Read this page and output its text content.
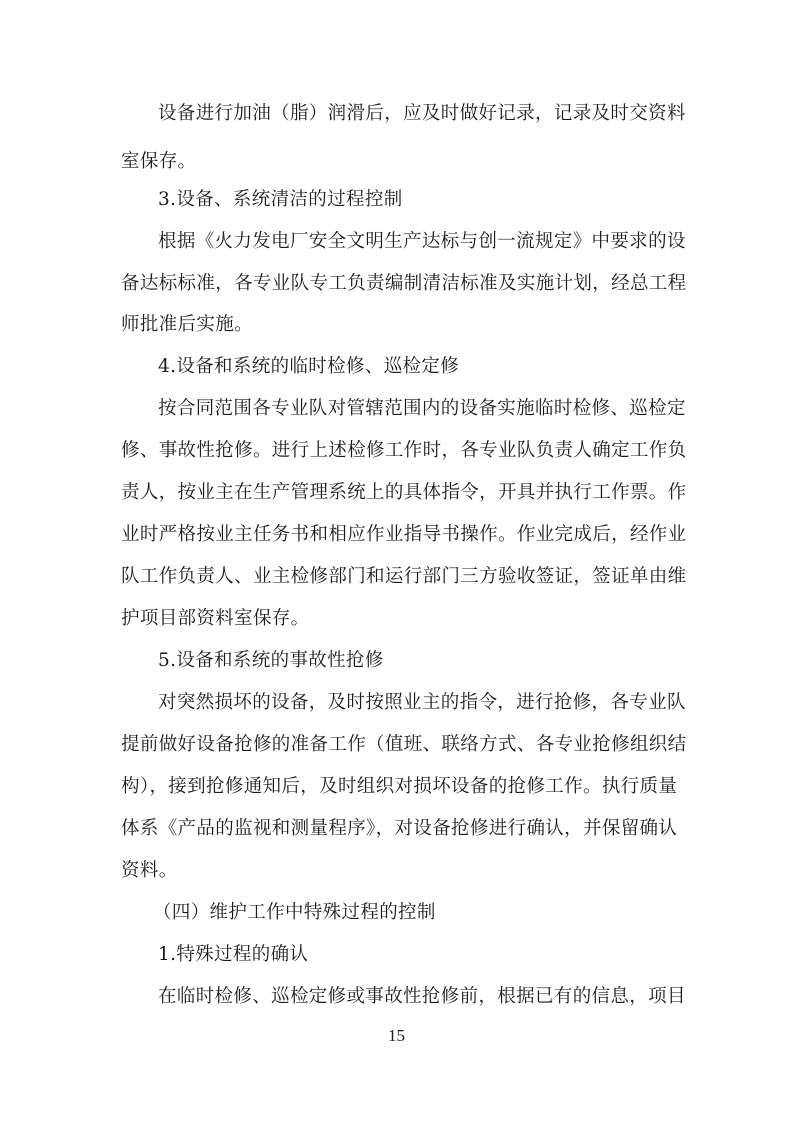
设备进行加油（脂）润滑后，应及时做好记录，记录及时交资料
室保存。
3.设备、系统清洁的过程控制
根据《火力发电厂安全文明生产达标与创一流规定》中要求的设
备达标标准，各专业队专工负责编制清洁标准及实施计划，经总工程
师批准后实施。
4.设备和系统的临时检修、巡检定修
按合同范围各专业队对管辖范围内的设备实施临时检修、巡检定
修、事故性抢修。进行上述检修工作时，各专业队负责人确定工作负
责人，按业主在生产管理系统上的具体指令，开具并执行工作票。作
业时严格按业主任务书和相应作业指导书操作。作业完成后，经作业
队工作负责人、业主检修部门和运行部门三方验收签证，签证单由维
护项目部资料室保存。
5.设备和系统的事故性抢修
对突然损坏的设备，及时按照业主的指令，进行抢修，各专业队
提前做好设备抢修的准备工作（值班、联络方式、各专业抢修组织结
构），接到抢修通知后，及时组织对损坏设备的抢修工作。执行质量
体系《产品的监视和测量程序》，对设备抢修进行确认，并保留确认
资料。
（四）维护工作中特殊过程的控制
1.特殊过程的确认
在临时检修、巡检定修或事故性抢修前，根据已有的信息，项目
15
